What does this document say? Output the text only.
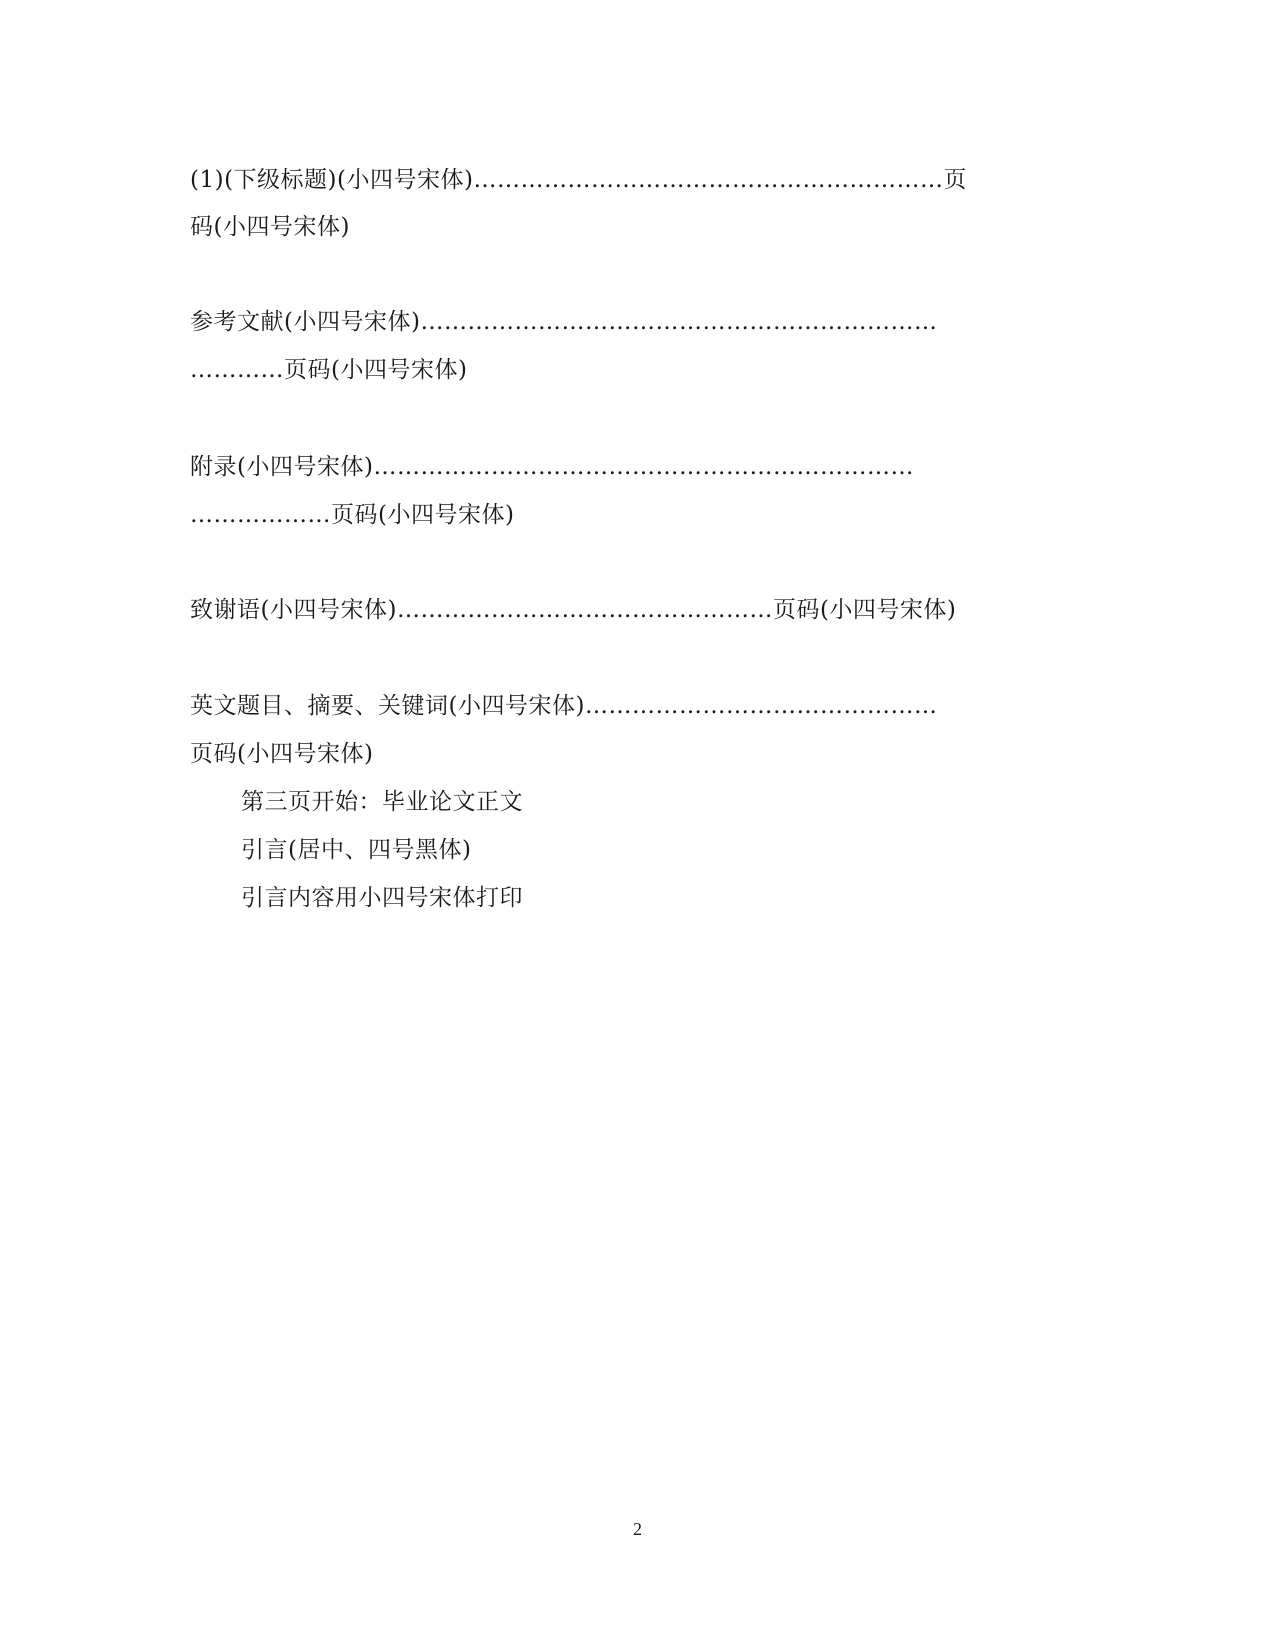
(1)(下级标题)(小四号宋体)……………………………………………………页
码(小四号宋体)
参考文献(小四号宋体)…………………………………………………………
…………页码(小四号宋体)
附录(小四号宋体)……………………………………………………………
………………页码(小四号宋体)
致谢语(小四号宋体)…………………………………………页码(小四号宋体)
英文题目、摘要、关键词(小四号宋体)………………………………………
页码(小四号宋体)
第三页开始：毕业论文正文
引言(居中、四号黑体)
引言内容用小四号宋体打印
2
